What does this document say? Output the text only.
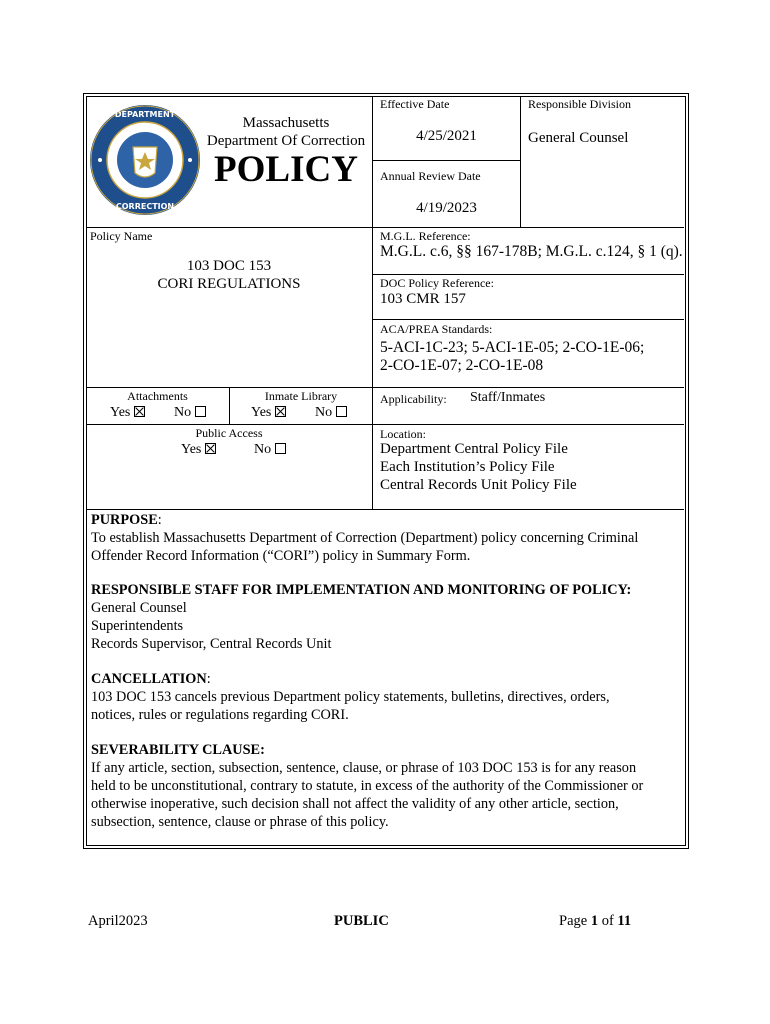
DEPARTMENT
CORRECTION
Massachusetts
Department Of Correction
POLICY
Effective Date
4/25/2021
Responsible Division
General Counsel
Annual Review Date
4/19/2023
Policy Name
103 DOC 153
CORI REGULATIONS
M.G.L. Reference:
M.G.L. c.6, §§ 167-178B; M.G.L. c.124, § 1 (q).
DOC Policy Reference:
103 CMR 157
ACA/PREA Standards:
5-ACI-1C-23; 5-ACI-1E-05; 2-CO-1E-06;
2-CO-1E-07; 2-CO-1E-08
Attachments	Inmate Library
Yes	No	Yes	No
Public Access
Yes	No
Applicability: Staff/Inmates
Location:
Department Central Policy File
Each Institution’s Policy File
Central Records Unit Policy File
PURPOSE:
To establish Massachusetts Department of Correction (Department) policy concerning Criminal
Offender Record Information (“CORI”) policy in Summary Form.
RESPONSIBLE STAFF FOR IMPLEMENTATION AND MONITORING OF POLICY:
General Counsel
Superintendents
Records Supervisor, Central Records Unit
CANCELLATION:
103 DOC 153 cancels previous Department policy statements, bulletins, directives, orders,
notices, rules or regulations regarding CORI.
SEVERABILITY CLAUSE:
If any article, section, subsection, sentence, clause, or phrase of 103 DOC 153 is for any reason
held to be unconstitutional, contrary to statute, in excess of the authority of the Commissioner or
otherwise inoperative, such decision shall not affect the validity of any other article, section,
subsection, sentence, clause or phrase of this policy.
April2023	PUBLIC	Page 1 of 11
